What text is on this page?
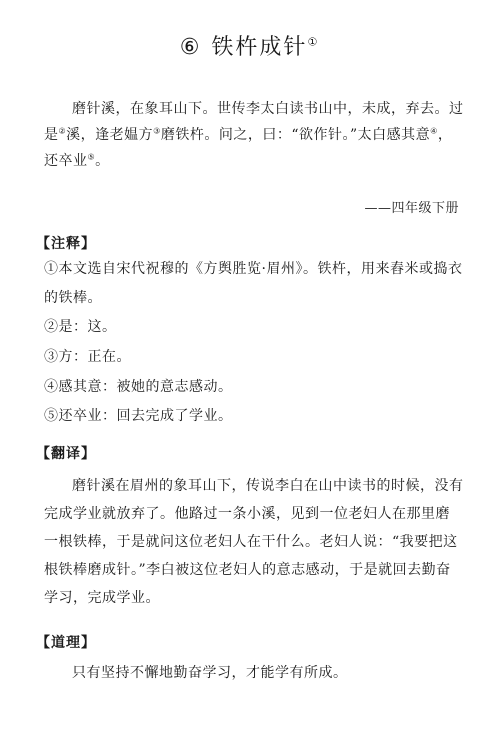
⑥ 铁杵成针①

磨针溪，在象耳山下。世传李太白读书山中，未成，弃去。过是②溪，逢老媪方③磨铁杵。问之，曰：“欲作针。”太白感其意④，还卒业⑤。

——四年级下册
【注释】
①本文选自宋代祝穆的《方舆胜览·眉州》。铁杵，用来舂米或捣衣的铁棒。
②是：这。
③方：正在。
④感其意：被她的意志感动。
⑤还卒业：回去完成了学业。
【翻译】

磨针溪在眉州的象耳山下，传说李白在山中读书的时候，没有完成学业就放弃了。他路过一条小溪，见到一位老妇人在那里磨一根铁棒，于是就问这位老妇人在干什么。老妇人说：“我要把这根铁棒磨成针。”李白被这位老妇人的意志感动，于是就回去勤奋学习，完成学业。

【道理】

只有坚持不懈地勤奋学习，才能学有所成。
